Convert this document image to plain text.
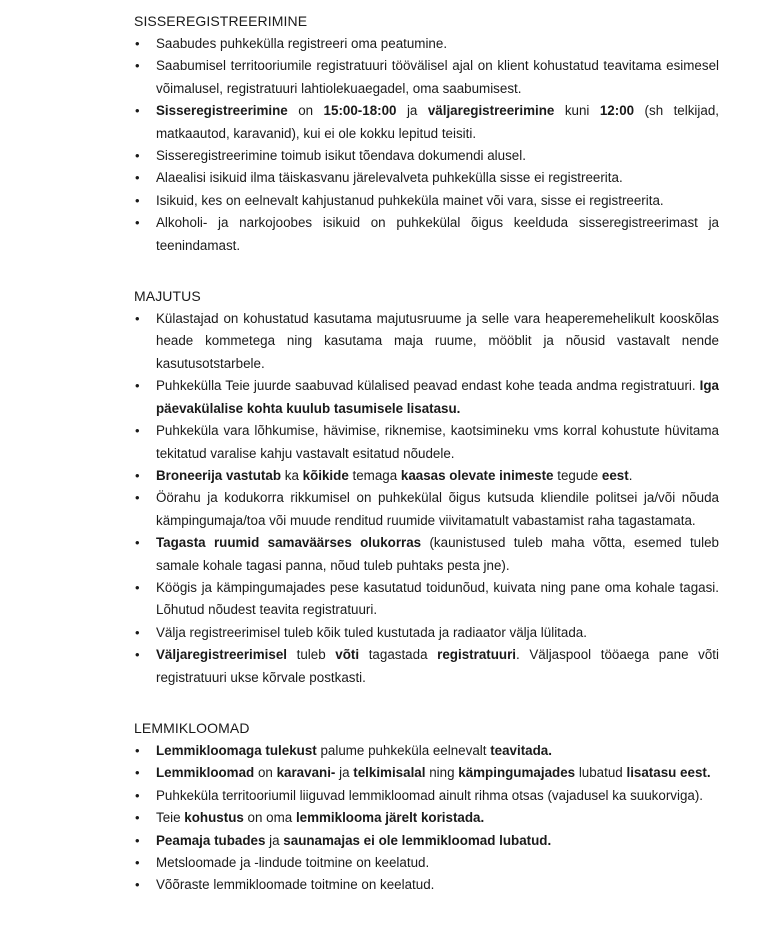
SISSEREGISTREERIMINE
• Saabudes puhkekülla registreeri oma peatumine.
• Saabumisel territooriumile registratuuri töövälisel ajal on klient kohustatud teavitama esimesel võimalusel, registratuuri lahtiolekuaegadel, oma saabumisest.
• Sisseregistreerimine on 15:00-18:00 ja väljaregistreerimine kuni 12:00 (sh telkijad, matkaautod, karavanid), kui ei ole kokku lepitud teisiti.
• Sisseregistreerimine toimub isikut tõendava dokumendi alusel.
• Alaealisi isikuid ilma täiskasvanu järelevalveta puhkekülla sisse ei registreerita.
• Isikuid, kes on eelnevalt kahjustanud puhkeküla mainet või vara, sisse ei registreerita.
• Alkoholi- ja narkojoobes isikuid on puhkekülal õigus keelduda sisseregistreerimast ja teenindamast.
MAJUTUS
• Külastajad on kohustatud kasutama majutusruume ja selle vara heaperemehelikult kooskõlas heade kommetega ning kasutama maja ruume, mööblit ja nõusid vastavalt nende kasutusotstarbele.
• Puhkekülla Teie juurde saabuvad külalised peavad endast kohe teada andma registratuuri. Iga päevakülalise kohta kuulub tasumisele lisatasu.
• Puhkeküla vara lõhkumise, hävimise, riknemise, kaotsimineku vms korral kohustute hüvitama tekitatud varalise kahju vastavalt esitatud nõudele.
• Broneerija vastutab ka kõikide temaga kaasas olevate inimeste tegude eest.
• Öörahu ja kodukorra rikkumisel on puhkekülal õigus kutsuda kliendile politsei ja/või nõuda kämpingumaja/toa või muude renditud ruumide viivitamatult vabastamist raha tagastamata.
• Tagasta ruumid samaväärses olukorras (kaunistused tuleb maha võtta, esemed tuleb samale kohale tagasi panna, nõud tuleb puhtaks pesta jne).
• Köögis ja kämpingumajades pese kasutatud toidunõud, kuivata ning pane oma kohale tagasi. Lõhutud nõudest teavita registratuuri.
• Välja registreerimisel tuleb kõik tuled kustutada ja radiaator välja lülitada.
• Väljaregistreerimisel tuleb võti tagastada registratuuri. Väljaspool tööaega pane võti registratuuri ukse kõrvale postkasti.
LEMMIKLOOMAD
• Lemmikloomaga tulekust palume puhkeküla eelnevalt teavitada.
• Lemmikloomad on karavani- ja telkimisalal ning kämpingumajades lubatud lisatasu eest.
• Puhkeküla territooriumil liiguvad lemmikloomad ainult rihma otsas (vajadusel ka suukorviga).
• Teie kohustus on oma lemmiklooma järelt koristada.
• Peamaja tubades ja saunamajas ei ole lemmikloomad lubatud.
• Metsloomade ja -lindude toitmine on keelatud.
• Võõraste lemmikloomade toitmine on keelatud.
